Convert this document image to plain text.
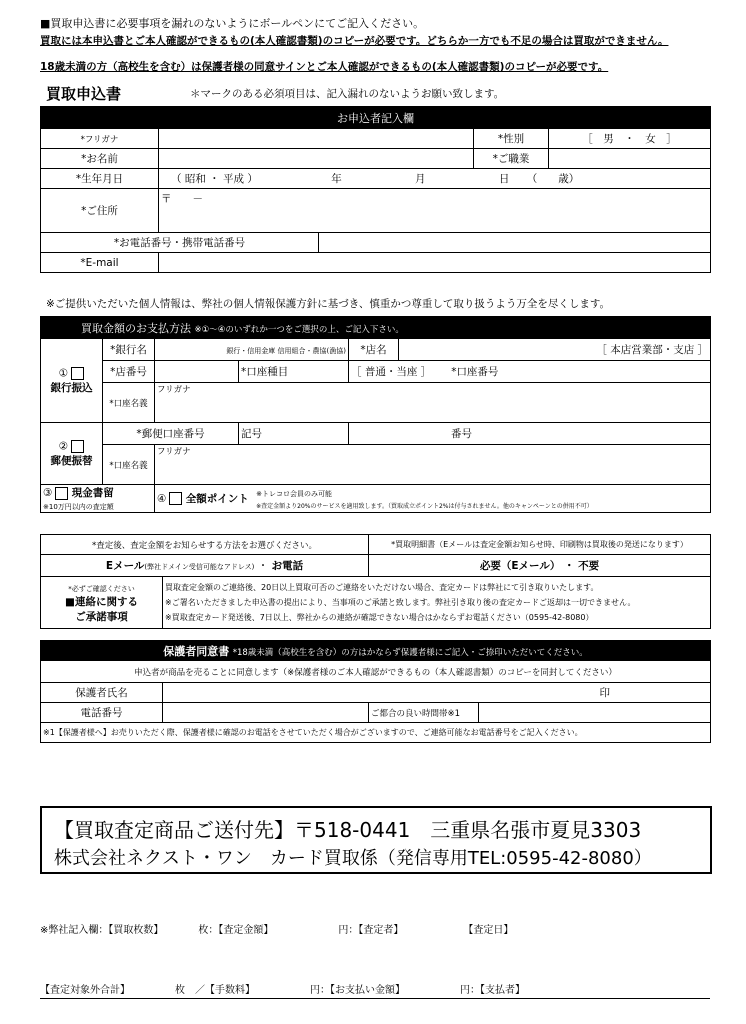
■買取申込書に必要事項を漏れのないようにボールペンにてご記入ください。
買取には本申込書とご本人確認ができるもの(本人確認書類)のコピーが必要です。どちらか一方でも不足の場合は買取ができません。
18歳未満の方（高校生を含む）は保護者様の同意サインとご本人確認ができるもの(本人確認書類)のコピーが必要です。
買取申込書	＊マークのある必須項目は、記入漏れのないようお願い致します。
お申込者記入欄				
*フリガナ			*性別	［　男　・　女　］
*お名前			*ご職業	
*生年月日	（ 昭和 ・ 平成 ） 年 月 日 （　　歳）			
*ご住所	〒　　－			
*お電話番号・携帯電話番号				
*E-mail				
※ご提供いただいた個人情報は、弊社の個人情報保護方針に基づき、慎重かつ尊重して取り扱うよう万全を尽くします。
買取金額のお支払方法 ※①〜④のいずれか一つをご選択の上、ご記入下さい。					
①
銀行振込	*銀行名	銀行・信用金庫 信用組合・農協(漁協)		*店名	［ 本店営業部・支店 ］
	*店番号		*口座種目	［ 普通・当座 ］ *口座番号	
	*口座名義	フリガナ			
②
郵便振替	*郵便口座番号		記号	番号	
	*口座名義	フリガナ			
③ 現金書留
※10万円以内の査定額		④ 全額ポイント ※トレコロ会員のみ可能
※査定金額より20%のサービスを適用致します。（買取成立ポイント2%は付与されません。他のキャンペーンとの併用不可）			
*査定後、査定金額をお知らせする方法をお選びください。		*買取明細書（Eメールは査定金額お知らせ時、印刷物は買取後の発送になります）
Eメール(弊社ドメイン受信可能なアドレス) ・ お電話		必要（Eメール） ・ 不要
*必ずご確認ください
■連絡に関する
ご承諾事項	買取査定金額のご連絡後、20日以上買取可否のご連絡をいただけない場合、査定カードは弊社にて引き取りいたします。
※ご署名いただきました申込書の提出により、当事項のご承諾と致します。弊社引き取り後の査定カードご返却は一切できません。
※買取査定カード発送後、7日以上、弊社からの連絡が確認できない場合はかならずお電話ください（0595-42-8080）	
保護者同意書 *18歳未満（高校生を含む）の方はかならず保護者様にご記入・ご捺印いただいてください。			
申込者が商品を売ることに同意します（※保護者様のご本人確認ができるもの（本人確認書類）のコピーを同封してください）			
保護者氏名	印		
電話番号		ご都合の良い時間帯※1	
※1【保護者様へ】お売りいただく際、保護者様に確認のお電話をさせていただく場合がございますので、ご連絡可能なお電話番号をご記入ください。			
【買取査定商品ご送付先】〒518-0441　三重県名張市夏見3303
株式会社ネクスト・ワン　カード買取係（発信専用TEL:0595-42-8080）
※弊社記入欄：【買取枚数】　　　　枚：【査定金額】　　　　　　　円：【査定者】　　　　　　　【査定日】
【査定対象外合計】　　　　　枚　／【手数料】　　　　　　円：【お支払い金額】　　　　　　円：【支払者】
